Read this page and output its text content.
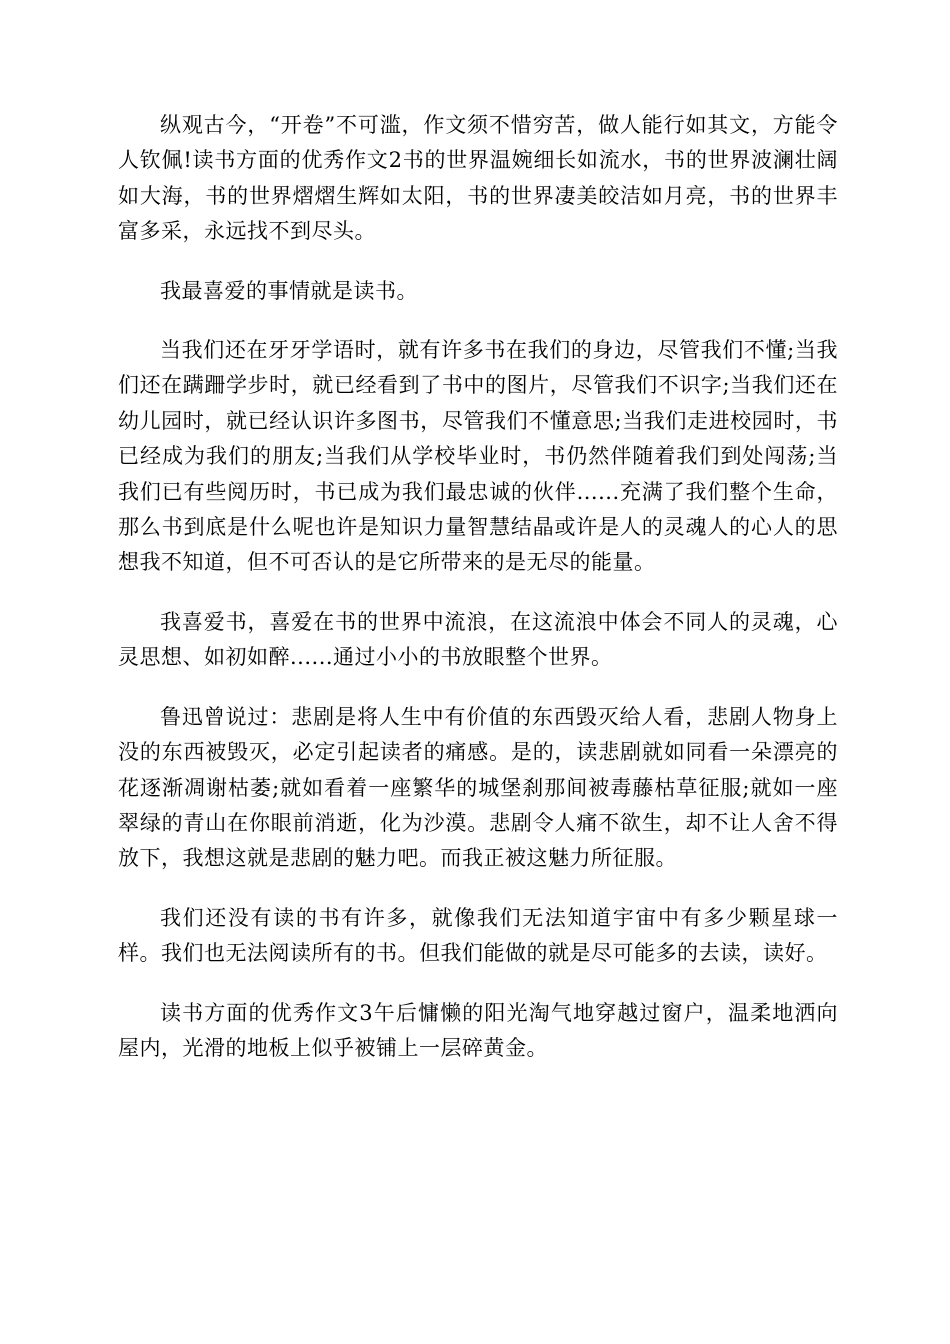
纵观古今，“开卷”不可滥，作文须不惜穷苦，做人能行如其文，方能令人钦佩!读书方面的优秀作文2书的世界温婉细长如流水，书的世界波澜壮阔如大海，书的世界熠熠生辉如太阳，书的世界凄美皎洁如月亮，书的世界丰富多采，永远找不到尽头。

我最喜爱的事情就是读书。

当我们还在牙牙学语时，就有许多书在我们的身边，尽管我们不懂;当我们还在蹒跚学步时，就已经看到了书中的图片，尽管我们不识字;当我们还在幼儿园时，就已经认识许多图书，尽管我们不懂意思;当我们走进校园时，书已经成为我们的朋友;当我们从学校毕业时，书仍然伴随着我们到处闯荡;当我们已有些阅历时，书已成为我们最忠诚的伙伴......充满了我们整个生命，那么书到底是什么呢也许是知识力量智慧结晶或许是人的灵魂人的心人的思想我不知道，但不可否认的是它所带来的是无尽的能量。

我喜爱书，喜爱在书的世界中流浪，在这流浪中体会不同人的灵魂，心灵思想、如初如醉......通过小小的书放眼整个世界。

鲁迅曾说过：悲剧是将人生中有价值的东西毁灭给人看，悲剧人物身上没的东西被毁灭，必定引起读者的痛感。是的，读悲剧就如同看一朵漂亮的花逐渐凋谢枯萎;就如看着一座繁华的城堡刹那间被毒藤枯草征服;就如一座翠绿的青山在你眼前消逝，化为沙漠。悲剧令人痛不欲生，却不让人舍不得放下，我想这就是悲剧的魅力吧。而我正被这魅力所征服。

我们还没有读的书有许多，就像我们无法知道宇宙中有多少颗星球一样。我们也无法阅读所有的书。但我们能做的就是尽可能多的去读，读好。

读书方面的优秀作文3午后慵懒的阳光淘气地穿越过窗户，温柔地洒向屋内，光滑的地板上似乎被铺上一层碎黄金。
